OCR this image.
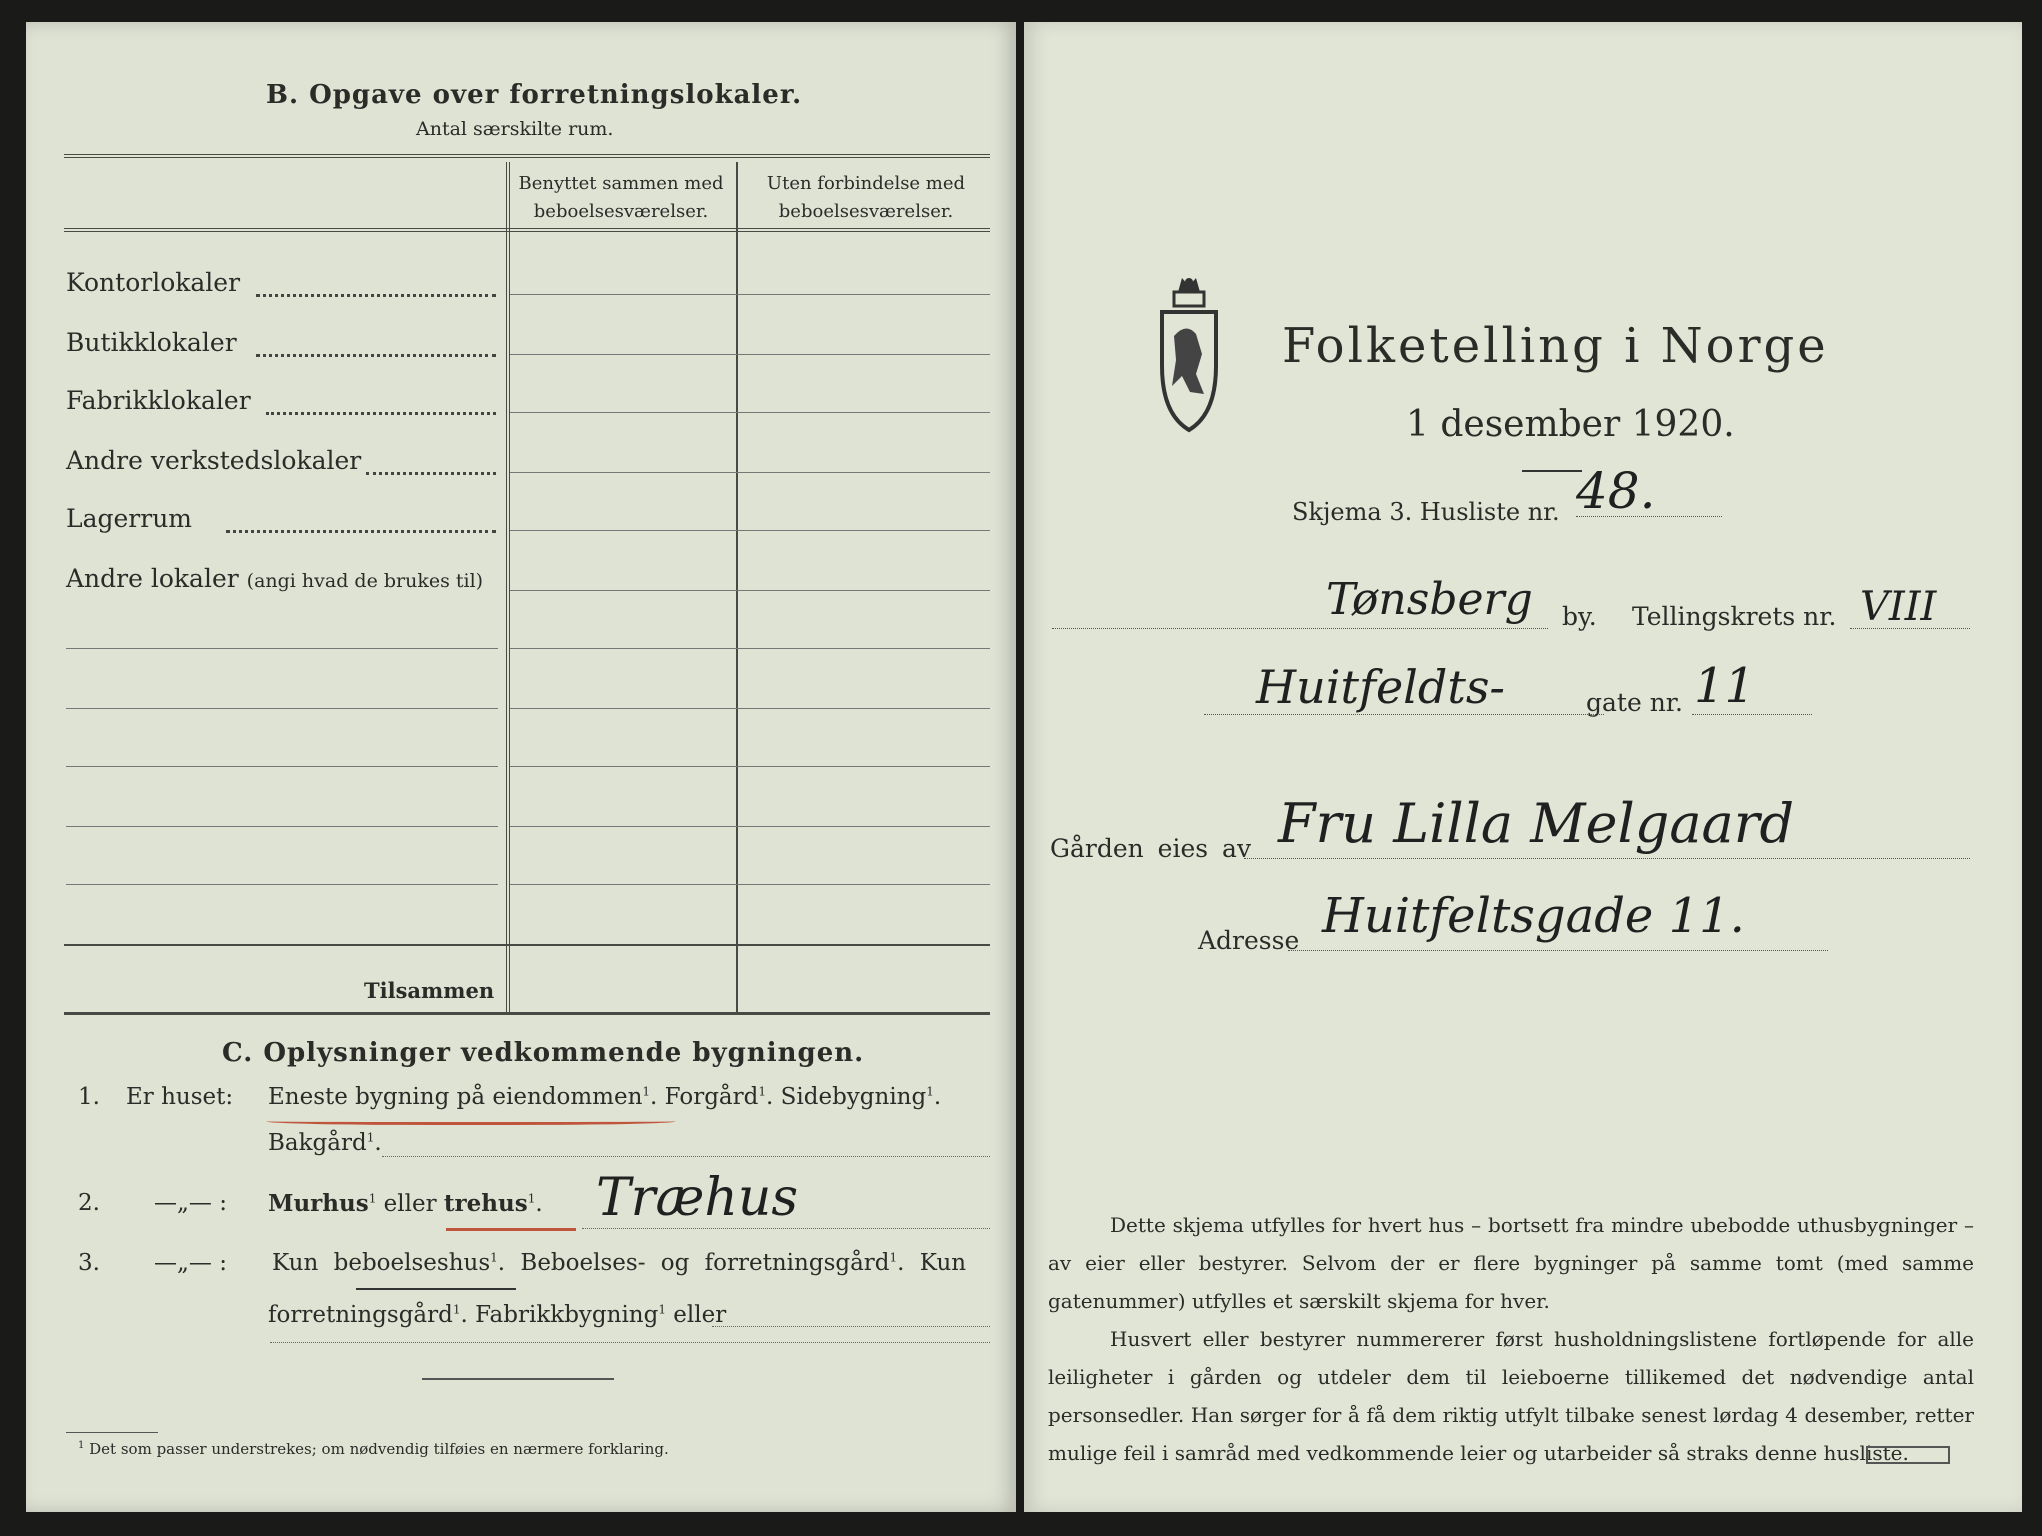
B. Opgave over forretningslokaler.
Antal særskilte rum.
Benyttet sammen med beboelsesværelser.
Uten forbindelse med beboelsesværelser.
Kontorlokaler
Butikklokaler
Fabrikklokaler
Andre verkstedslokaler
Lagerrum
Andre lokaler (angi hvad de brukes til)
Tilsammen
C. Oplysninger vedkommende bygningen.
1. Er huset: Eneste bygning på eiendommen$^1$. Forgård$^1$. Sidebygning$^1$.
Bakgård$^1$.
2. —„— : Murhus$^1$ eller trehus$^1$. Træhus
3. —„— : Kun beboelseshus$^1$. Beboelses- og forretningsgård$^1$. Kun
forretningsgård$^1$. Fabrikkbygning$^1$ eller
$^1$ Det som passer understrekes; om nødvendig tilføies en nærmere forklaring.
Folketelling i Norge
1 desember 1920.
Skjema 3. Husliste nr. 48.
Tønsberg by. Tellingskrets nr. VIII
Huitfeldts-	gate nr. 11
Gården eies av Fru Lilla Melgaard
Adresse Huitfeltsgade 11.
Dette skjema utfylles for hvert hus – bortsett fra mindre ubebodde uthusbygninger – av eier eller bestyrer. Selvom der er flere bygninger på samme tomt (med samme gatenummer) utfylles et særskilt skjema for hver.
Husvert eller bestyrer nummererer først husholdningslistene fortløpende for alle leiligheter i gården og utdeler dem til leieboerne tillikemed det nødvendige antal personsedler. Han sørger for å få dem riktig utfylt tilbake senest lørdag 4 desember, retter mulige feil i samråd med vedkommende leier og utarbeider så straks denne husliste.
